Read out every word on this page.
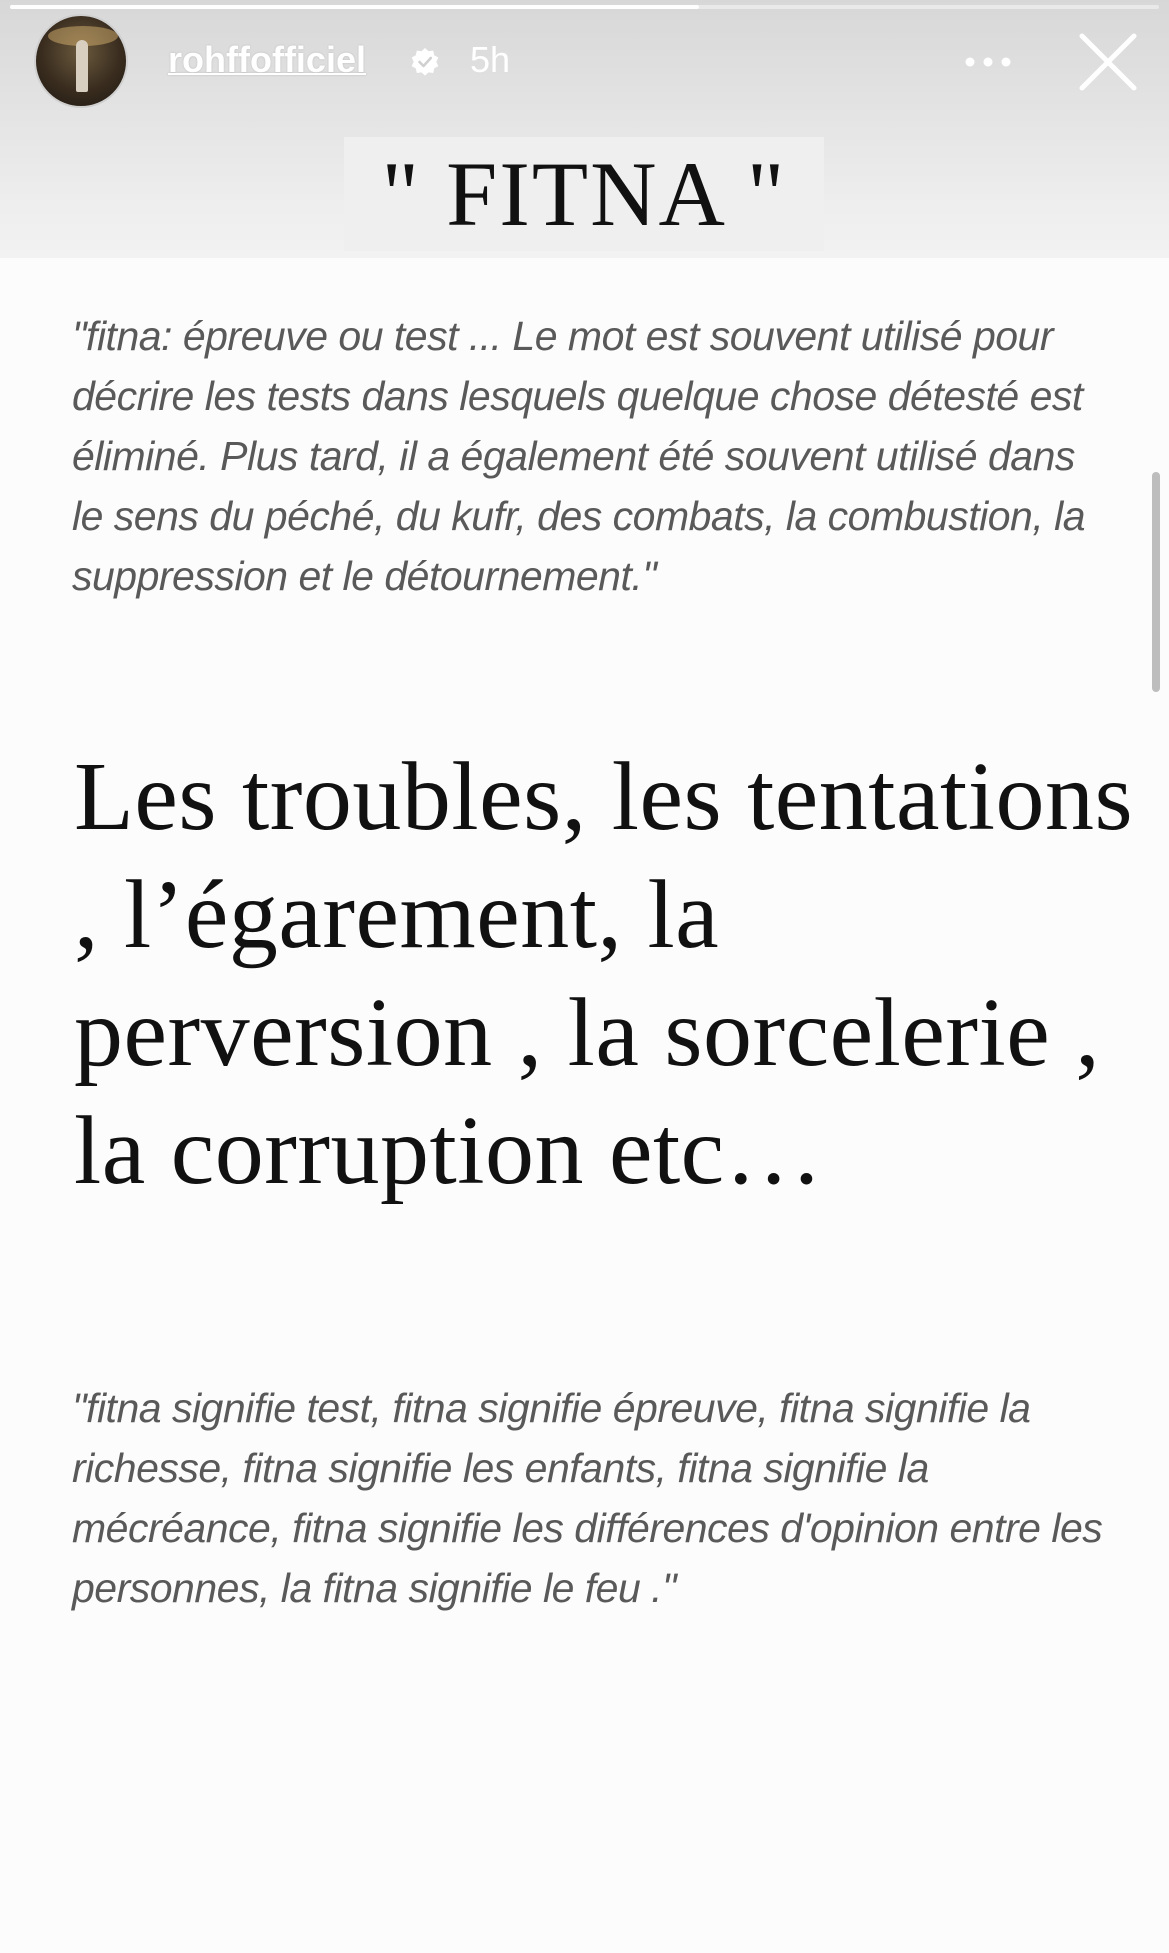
rohffofficiel	5h
" FITNA "
"fitna: épreuve ou test ... Le mot est souvent utilisé pour décrire les tests dans lesquels quelque chose détesté est éliminé. Plus tard, il a également été souvent utilisé dans le sens du péché, du kufr, des combats, la combustion, la suppression et le détournement."
Les troubles, les tentations , l’égarement, la perversion , la sorcelerie , la corruption etc…
"fitna signifie test, fitna signifie épreuve, fitna signifie la richesse, fitna signifie les enfants, fitna signifie la mécréance, fitna signifie les différences d'opinion entre les personnes, la fitna signifie le feu ."
